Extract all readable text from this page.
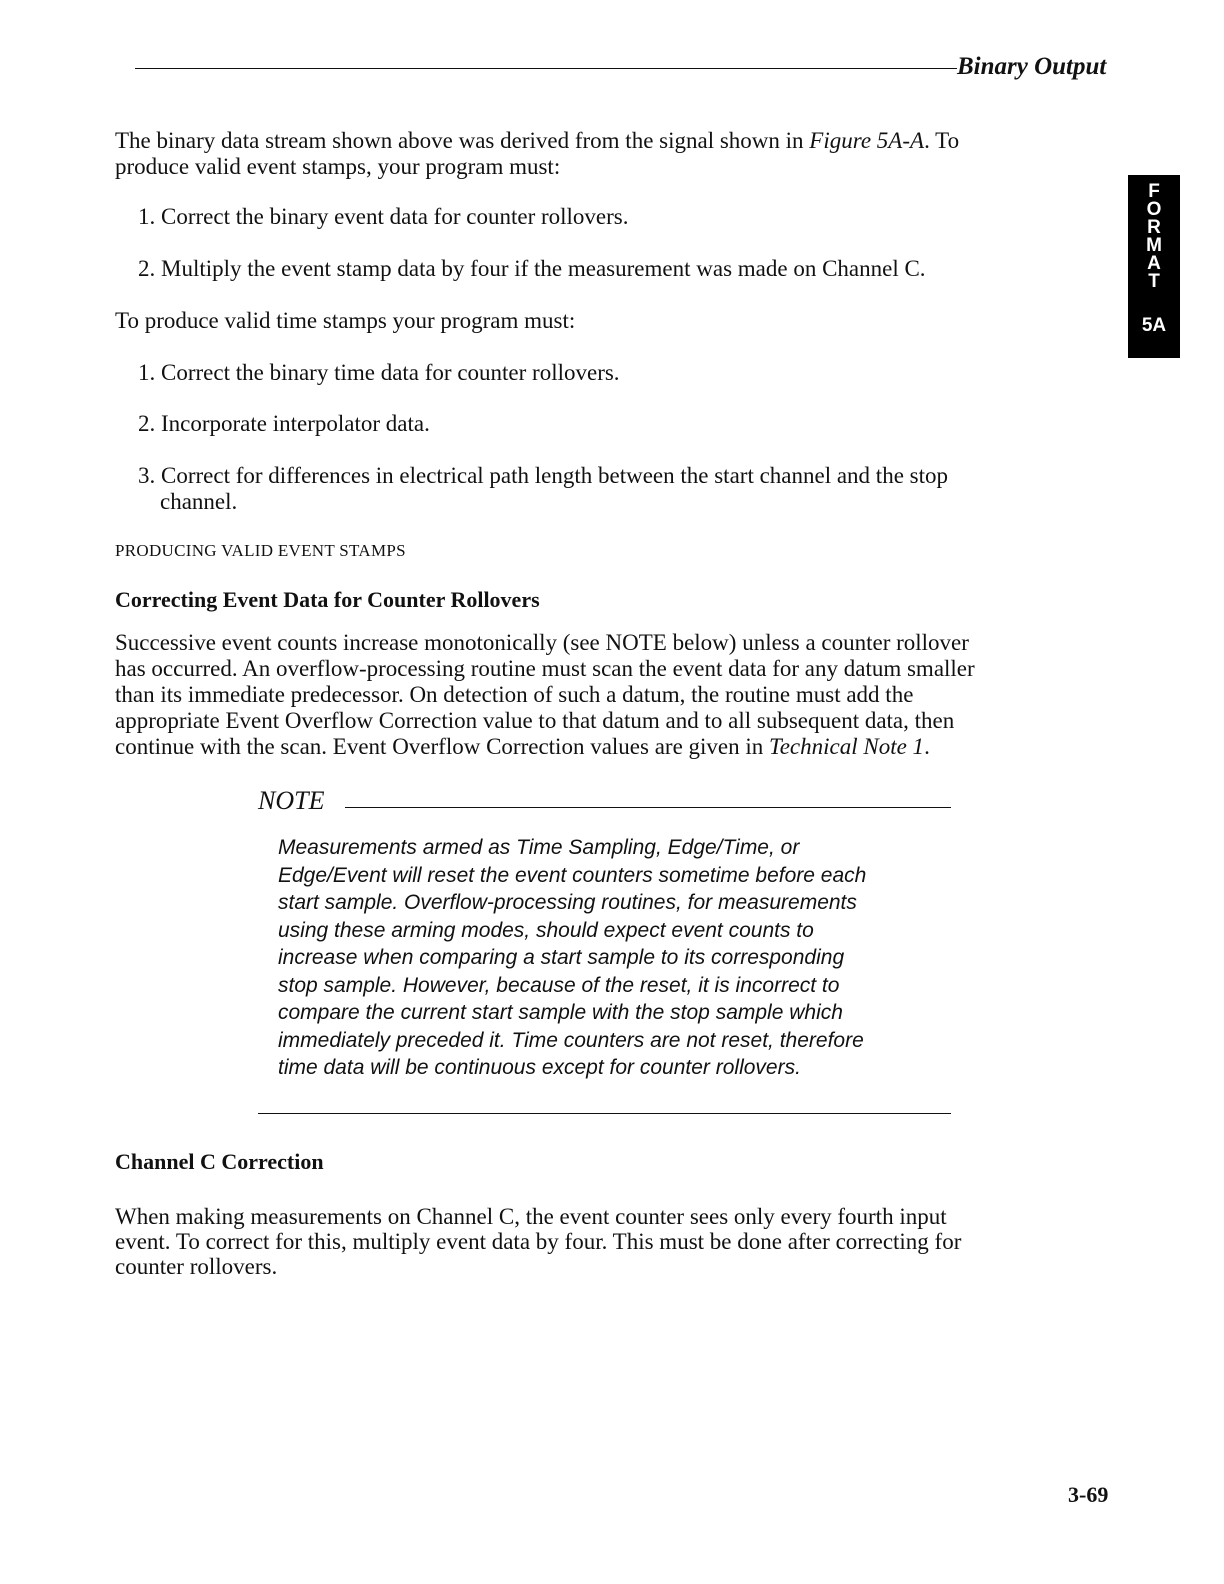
Binary Output
F
O
R
M
A
T
5A
The binary data stream shown above was derived from the signal shown in Figure 5A-A. To
produce valid event stamps, your program must:
1. Correct the binary event data for counter rollovers.
2. Multiply the event stamp data by four if the measurement was made on Channel C.
To produce valid time stamps your program must:
1. Correct the binary time data for counter rollovers.
2. Incorporate interpolator data.
3. Correct for differences in electrical path length between the start channel and the stop
channel.
PRODUCING VALID EVENT STAMPS
Correcting Event Data for Counter Rollovers
Successive event counts increase monotonically (see NOTE below) unless a counter rollover
has occurred. An overflow-processing routine must scan the event data for any datum smaller
than its immediate predecessor. On detection of such a datum, the routine must add the
appropriate Event Overflow Correction value to that datum and to all subsequent data, then
continue with the scan. Event Overflow Correction values are given in Technical Note 1.
NOTE
Measurements armed as Time Sampling, Edge/Time, or
Edge/Event will reset the event counters sometime before each
start sample. Overflow-processing routines, for measurements
using these arming modes, should expect event counts to
increase when comparing a start sample to its corresponding
stop sample. However, because of the reset, it is incorrect to
compare the current start sample with the stop sample which
immediately preceded it. Time counters are not reset, therefore
time data will be continuous except for counter rollovers.
Channel C Correction
When making measurements on Channel C, the event counter sees only every fourth input
event. To correct for this, multiply event data by four. This must be done after correcting for
counter rollovers.
3-69
